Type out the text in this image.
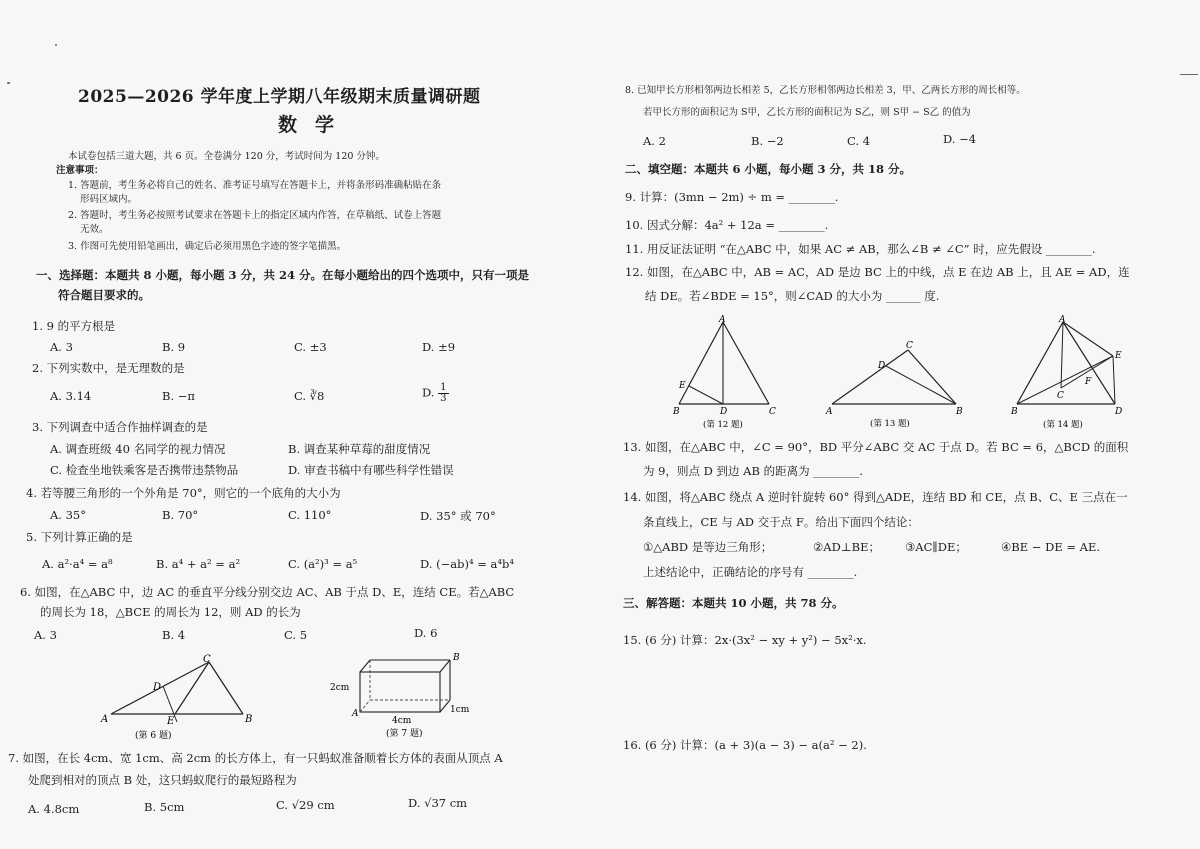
2025—2026 学年度上学期八年级期末质量调研题
数学
本试卷包括三道大题，共 6 页。全卷满分 120 分，考试时间为 120 分钟。
注意事项：
1. 答题前，考生务必将自己的姓名、准考证号填写在答题卡上，并将条形码准确粘贴在条
形码区域内。
2. 答题时，考生务必按照考试要求在答题卡上的指定区域内作答，在草稿纸、试卷上答题
无效。
3. 作图可先使用铅笔画出，确定后必须用黑色字迹的签字笔描黑。
一、选择题：本题共 8 小题，每小题 3 分，共 24 分。在每小题给出的四个选项中，只有一项是
符合题目要求的。
1. 9 的平方根是
A. 3	B. 9	C. ±3	D. ±9
2. 下列实数中，是无理数的是
A. 3.14	B. −π	C. ∛8	D. $\frac{1}{3}$
3. 下列调查中适合作抽样调查的是
A. 调查班级 40 名同学的视力情况	B. 调查某种草莓的甜度情况
C. 检查坐地铁乘客是否携带违禁物品	D. 审查书稿中有哪些科学性错误
4. 若等腰三角形的一个外角是 70°，则它的一个底角的大小为
A. 35°	B. 70°	C. 110°	D. 35° 或 70°
5. 下列计算正确的是
A. a²·a⁴ = a⁸	B. a⁴ + a² = a²	C. (a²)³ = a⁵	D. (−ab)⁴ = a⁴b⁴
6. 如图，在△ABC 中，边 AC 的垂直平分线分别交边 AC、AB 于点 D、E，连结 CE。若△ABC
的周长为 18，△BCE 的周长为 12，则 AD 的长为
A. 3	B. 4	C. 5	D. 6
C
D
A	B
E
(第 6 题)
B
A
2cm
4cm
1cm
(第 7 题)
7. 如图，在长 4cm、宽 1cm、高 2cm 的长方体上，有一只蚂蚁准备顺着长方体的表面从顶点 A
处爬到相对的顶点 B 处，这只蚂蚁爬行的最短路程为
A. 4.8cm	B. 5cm	C. √29 cm	D. √37 cm
8. 已知甲长方形相邻两边长相差 5，乙长方形相邻两边长相差 3，甲、乙两长方形的周长相等。
若甲长方形的面积记为 S甲，乙长方形的面积记为 S乙，则 S甲 − S乙 的值为
A. 2	B. −2	C. 4	D. −4
二、填空题：本题共 6 小题，每小题 3 分，共 18 分。
9. 计算：(3mn − 2m) ÷ m = ________.
10. 因式分解：4a² + 12a = ________.
11. 用反证法证明 “在△ABC 中，如果 AC ≠ AB，那么∠B ≠ ∠C” 时，应先假设 ________.
12. 如图，在△ABC 中，AB = AC，AD 是边 BC 上的中线，点 E 在边 AB 上，且 AE = AD，连
结 DE。若∠BDE = 15°，则∠CAD 的大小为 ______ 度.
A
E
B	D	C
(第 12 题)
C
D
A	B
(第 13 题)
A
E
F
C
B	D
(第 14 题)
13. 如图，在△ABC 中，∠C = 90°，BD 平分∠ABC 交 AC 于点 D。若 BC = 6，△BCD 的面积
为 9，则点 D 到边 AB 的距离为 ________.
14. 如图，将△ABC 绕点 A 逆时针旋转 60° 得到△ADE，连结 BD 和 CE，点 B、C、E 三点在一
条直线上，CE 与 AD 交于点 F。给出下面四个结论：
①△ABD 是等边三角形；	②AD⊥BE； ③AC∥DE；	④BE − DE = AE.
上述结论中，正确结论的序号有 ________.
三、解答题：本题共 10 小题，共 78 分。
15. (6 分) 计算：2x·(3x² − xy + y²) − 5x²·x.
16. (6 分) 计算：(a + 3)(a − 3) − a(a² − 2).
